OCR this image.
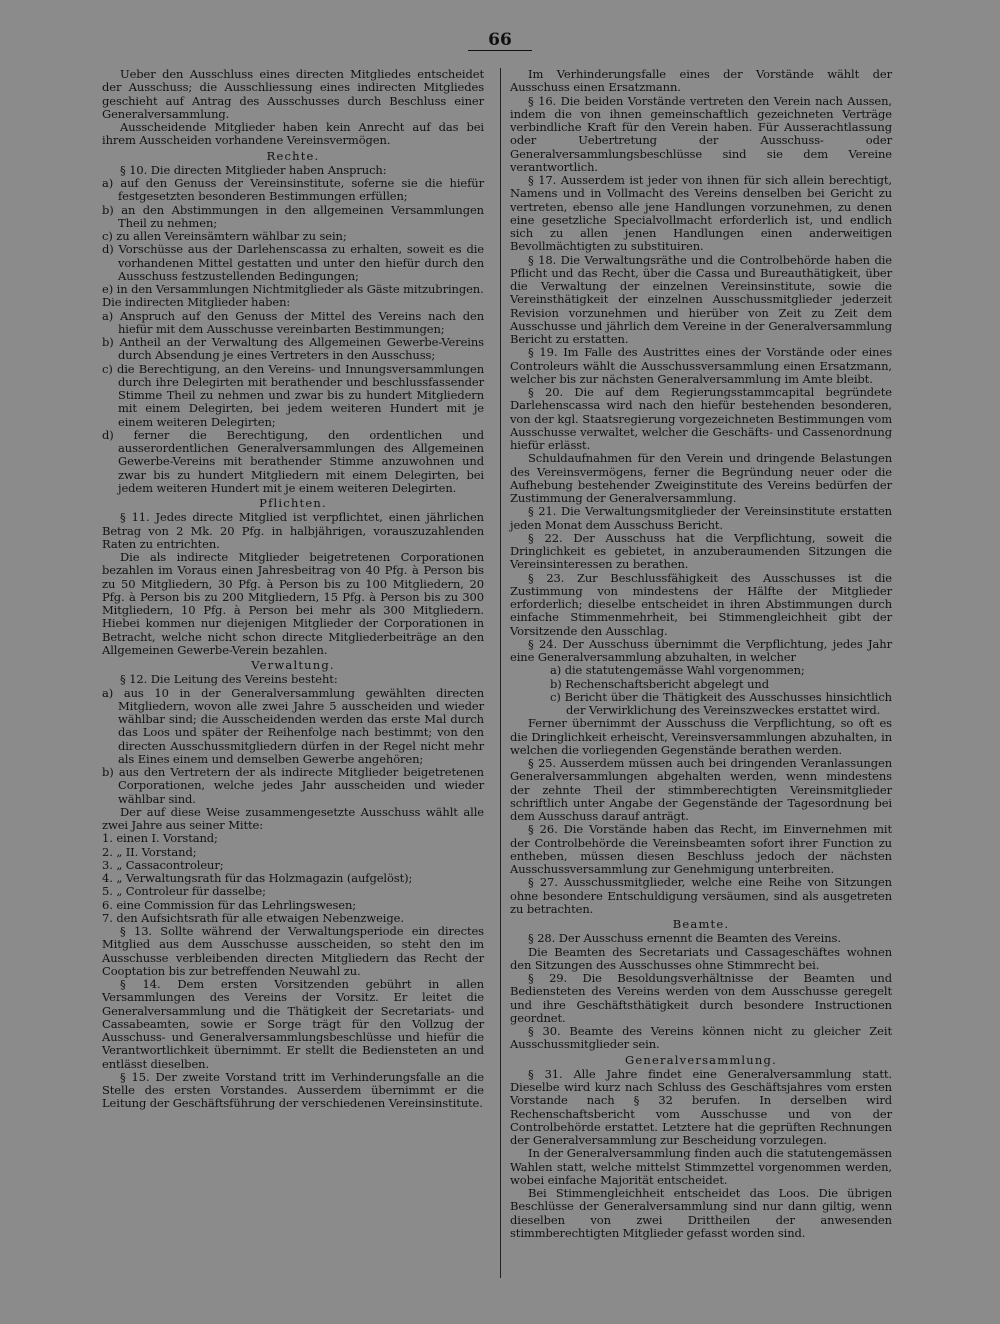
66

Ueber den Ausschluss eines directen Mitgliedes entscheidet der Ausschuss; die Ausschliessung eines indirecten Mitgliedes geschieht auf Antrag des Ausschusses durch Beschluss einer Generalversammlung.

Ausscheidende Mitglieder haben kein Anrecht auf das bei ihrem Ausscheiden vorhandene Vereinsvermögen.

Rechte.

§ 10. Die directen Mitglieder haben Anspruch:

a) auf den Genuss der Vereinsinstitute, soferne sie die hiefür festgesetzten besonderen Bestimmungen erfüllen;

b) an den Abstimmungen in den allgemeinen Versammlungen Theil zu nehmen;

c) zu allen Vereinsämtern wählbar zu sein;

d) Vorschüsse aus der Darlehenscassa zu erhalten, soweit es die vorhandenen Mittel gestatten und unter den hiefür durch den Ausschuss festzustellenden Bedingungen;

e) in den Versammlungen Nichtmitglieder als Gäste mitzubringen.

Die indirecten Mitglieder haben:

a) Anspruch auf den Genuss der Mittel des Vereins nach den hiefür mit dem Ausschusse vereinbarten Bestimmungen;

b) Antheil an der Verwaltung des Allgemeinen Gewerbe-Vereins durch Absendung je eines Vertreters in den Ausschuss;

c) die Berechtigung, an den Vereins- und Innungsversammlungen durch ihre Delegirten mit berathender und beschlussfassender Stimme Theil zu nehmen und zwar bis zu hundert Mitgliedern mit einem Delegirten, bei jedem weiteren Hundert mit je einem weiteren Delegirten;

d) ferner die Berechtigung, den ordentlichen und ausserordentlichen Generalversammlungen des Allgemeinen Gewerbe-Vereins mit berathender Stimme anzuwohnen und zwar bis zu hundert Mitgliedern mit einem Delegirten, bei jedem weiteren Hundert mit je einem weiteren Delegirten.

Pflichten.

§ 11. Jedes directe Mitglied ist verpflichtet, einen jährlichen Betrag von 2 Mk. 20 Pfg. in halbjährigen, vorauszuzahlenden Raten zu entrichten.

Die als indirecte Mitglieder beigetretenen Corporationen bezahlen im Voraus einen Jahresbeitrag von 40 Pfg. à Person bis zu 50 Mitgliedern, 30 Pfg. à Person bis zu 100 Mitgliedern, 20 Pfg. à Person bis zu 200 Mitgliedern, 15 Pfg. à Person bis zu 300 Mitgliedern, 10 Pfg. à Person bei mehr als 300 Mitgliedern. Hiebei kommen nur diejenigen Mitglieder der Corporationen in Betracht, welche nicht schon directe Mitgliederbeiträge an den Allgemeinen Gewerbe-Verein bezahlen.

Verwaltung.

§ 12. Die Leitung des Vereins besteht:

a) aus 10 in der Generalversammlung gewählten directen Mitgliedern, wovon alle zwei Jahre 5 ausscheiden und wieder wählbar sind; die Ausscheidenden werden das erste Mal durch das Loos und später der Reihenfolge nach bestimmt; von den directen Ausschussmitgliedern dürfen in der Regel nicht mehr als Eines einem und demselben Gewerbe angehören;

b) aus den Vertretern der als indirecte Mitglieder beigetretenen Corporationen, welche jedes Jahr ausscheiden und wieder wählbar sind.

Der auf diese Weise zusammengesetzte Ausschuss wählt alle zwei Jahre aus seiner Mitte:

1. einen I. Vorstand;

2. „ II. Vorstand;

3. „ Cassacontroleur;

4. „ Verwaltungsrath für das Holzmagazin (aufgelöst);

5. „ Controleur für dasselbe;

6. eine Commission für das Lehrlingswesen;

7. den Aufsichtsrath für alle etwaigen Nebenzweige.

§ 13. Sollte während der Verwaltungsperiode ein directes Mitglied aus dem Ausschusse ausscheiden, so steht den im Ausschusse verbleibenden directen Mitgliedern das Recht der Cooptation bis zur betreffenden Neuwahl zu.

§ 14. Dem ersten Vorsitzenden gebührt in allen Versammlungen des Vereins der Vorsitz. Er leitet die Generalversammlung und die Thätigkeit der Secretariats- und Cassabeamten, sowie er Sorge trägt für den Vollzug der Ausschuss- und Generalversammlungsbeschlüsse und hiefür die Verantwortlichkeit übernimmt. Er stellt die Bediensteten an und entlässt dieselben.

§ 15. Der zweite Vorstand tritt im Verhinderungsfalle an die Stelle des ersten Vorstandes. Ausserdem übernimmt er die Leitung der Geschäftsführung der verschiedenen Vereinsinstitute.

Im Verhinderungsfalle eines der Vorstände wählt der Ausschuss einen Ersatzmann.

§ 16. Die beiden Vorstände vertreten den Verein nach Aussen, indem die von ihnen gemeinschaftlich gezeichneten Verträge verbindliche Kraft für den Verein haben. Für Ausserachtlassung oder Uebertretung der Ausschuss- oder Generalversammlungsbeschlüsse sind sie dem Vereine verantwortlich.

§ 17. Ausserdem ist jeder von ihnen für sich allein berechtigt, Namens und in Vollmacht des Vereins denselben bei Gericht zu vertreten, ebenso alle jene Handlungen vorzunehmen, zu denen eine gesetzliche Specialvollmacht erforderlich ist, und endlich sich zu allen jenen Handlungen einen anderweitigen Bevollmächtigten zu substituiren.

§ 18. Die Verwaltungsräthe und die Controlbehörde haben die Pflicht und das Recht, über die Cassa und Bureauthätigkeit, über die Verwaltung der einzelnen Vereinsinstitute, sowie die Vereinsthätigkeit der einzelnen Ausschussmitglieder jederzeit Revision vorzunehmen und hierüber von Zeit zu Zeit dem Ausschusse und jährlich dem Vereine in der Generalversammlung Bericht zu erstatten.

§ 19. Im Falle des Austrittes eines der Vorstände oder eines Controleurs wählt die Ausschussversammlung einen Ersatzmann, welcher bis zur nächsten Generalversammlung im Amte bleibt.

§ 20. Die auf dem Regierungsstammcapital begründete Darlehenscassa wird nach den hiefür bestehenden besonderen, von der kgl. Staatsregierung vorgezeichneten Bestimmungen vom Ausschusse verwaltet, welcher die Geschäfts- und Cassenordnung hiefür erlässt.

Schuldaufnahmen für den Verein und dringende Belastungen des Vereinsvermögens, ferner die Begründung neuer oder die Aufhebung bestehender Zweiginstitute des Vereins bedürfen der Zustimmung der Generalversammlung.

§ 21. Die Verwaltungsmitglieder der Vereinsinstitute erstatten jeden Monat dem Ausschuss Bericht.

§ 22. Der Ausschuss hat die Verpflichtung, soweit die Dringlichkeit es gebietet, in anzuberaumenden Sitzungen die Vereinsinteressen zu berathen.

§ 23. Zur Beschlussfähigkeit des Ausschusses ist die Zustimmung von mindestens der Hälfte der Mitglieder erforderlich; dieselbe entscheidet in ihren Abstimmungen durch einfache Stimmenmehrheit, bei Stimmengleichheit gibt der Vorsitzende den Ausschlag.

§ 24. Der Ausschuss übernimmt die Verpflichtung, jedes Jahr eine Generalversammlung abzuhalten, in welcher

a) die statutengemässe Wahl vorgenommen;

b) Rechenschaftsbericht abgelegt und

c) Bericht über die Thätigkeit des Ausschusses hinsichtlich der Verwirklichung des Vereinszweckes erstattet wird.

Ferner übernimmt der Ausschuss die Verpflichtung, so oft es die Dringlichkeit erheischt, Vereinsversammlungen abzuhalten, in welchen die vorliegenden Gegenstände berathen werden.

§ 25. Ausserdem müssen auch bei dringenden Veranlassungen Generalversammlungen abgehalten werden, wenn mindestens der zehnte Theil der stimmberechtigten Vereinsmitglieder schriftlich unter Angabe der Gegenstände der Tagesordnung bei dem Ausschuss darauf anträgt.

§ 26. Die Vorstände haben das Recht, im Einvernehmen mit der Controlbehörde die Vereinsbeamten sofort ihrer Function zu entheben, müssen diesen Beschluss jedoch der nächsten Ausschussversammlung zur Genehmigung unterbreiten.

§ 27. Ausschussmitglieder, welche eine Reihe von Sitzungen ohne besondere Entschuldigung versäumen, sind als ausgetreten zu betrachten.

Beamte.

§ 28. Der Ausschuss ernennt die Beamten des Vereins.

Die Beamten des Secretariats und Cassageschäftes wohnen den Sitzungen des Ausschusses ohne Stimmrecht bei.

§ 29. Die Besoldungsverhältnisse der Beamten und Bediensteten des Vereins werden von dem Ausschusse geregelt und ihre Geschäftsthätigkeit durch besondere Instructionen geordnet.

§ 30. Beamte des Vereins können nicht zu gleicher Zeit Ausschussmitglieder sein.

Generalversammlung.

§ 31. Alle Jahre findet eine Generalversammlung statt. Dieselbe wird kurz nach Schluss des Geschäftsjahres vom ersten Vorstande nach § 32 berufen. In derselben wird Rechenschaftsbericht vom Ausschusse und von der Controlbehörde erstattet. Letztere hat die geprüften Rechnungen der Generalversammlung zur Bescheidung vorzulegen.

In der Generalversammlung finden auch die statutengemässen Wahlen statt, welche mittelst Stimmzettel vorgenommen werden, wobei einfache Majorität entscheidet.

Bei Stimmengleichheit entscheidet das Loos. Die übrigen Beschlüsse der Generalversammlung sind nur dann giltig, wenn dieselben von zwei Drittheilen der anwesenden stimmberechtigten Mitglieder gefasst worden sind.
